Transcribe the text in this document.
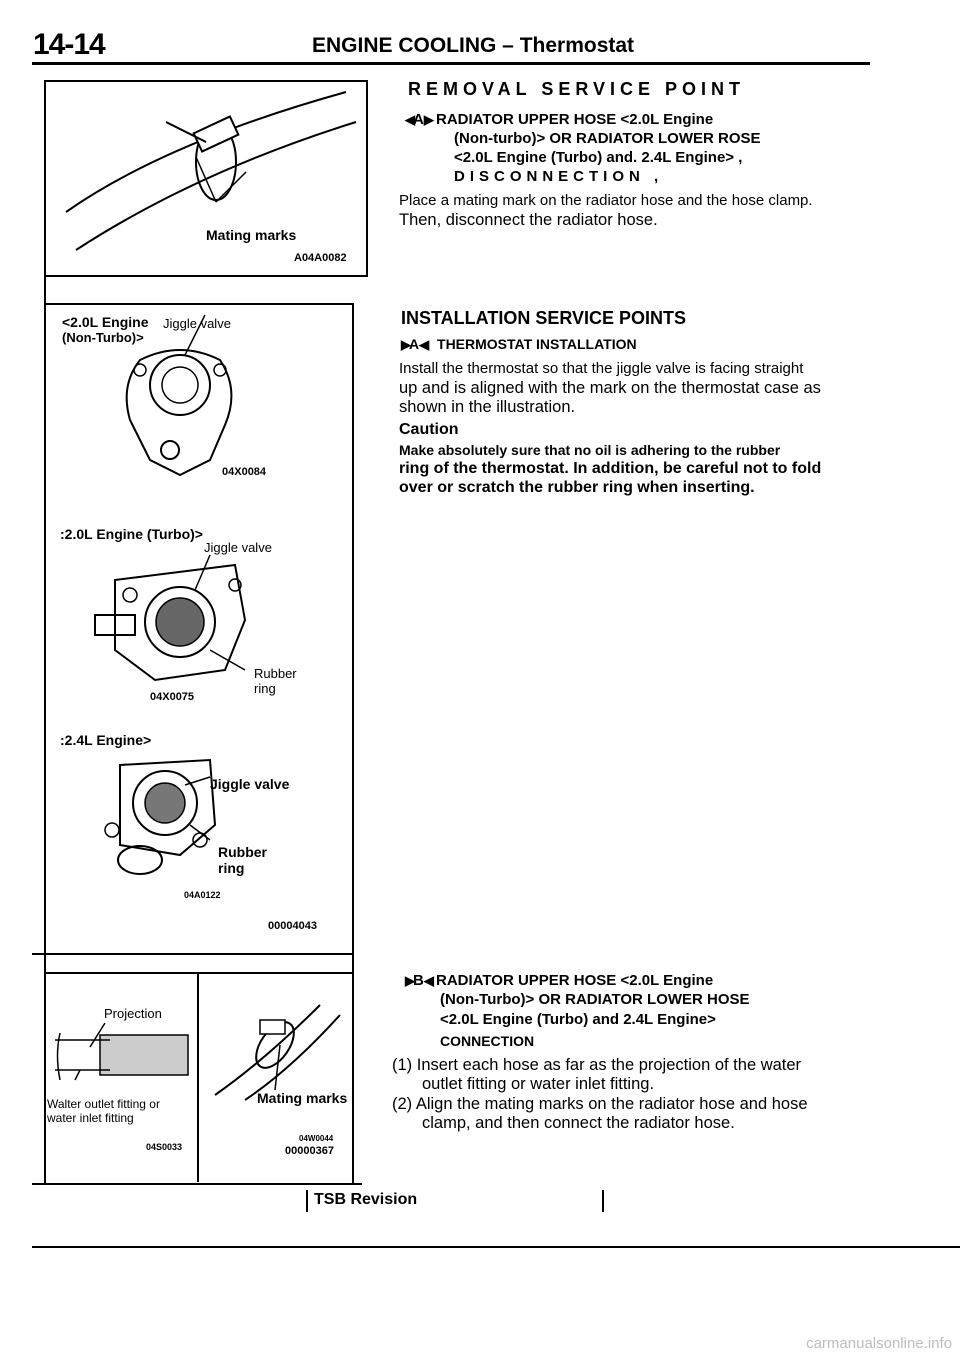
14-14	ENGINE COOLING – Thermostat
Mating marks
A04A0082
<2.0L Engine
(Non-Turbo)>
Jiggle valve
04X0084
:2.0L Engine (Turbo)>
Jiggle valve
Rubber
ring
04X0075
:2.4L Engine>
Jiggle valve
Rubber
ring
04A0122
00004043
Projection
Walter outlet fitting or
water inlet fitting
04S0033
Mating marks
04W0044
00000367
REMOVAL SERVICE POINT
◀A▶ RADIATOR UPPER HOSE <2.0L Engine
(Non-turbo)> OR RADIATOR LOWER ROSE
<2.0L Engine (Turbo) and. 2.4L Engine> ,
DISCONNECTION ,
Place a mating mark on the radiator hose and the hose clamp.
Then, disconnect the radiator hose.
INSTALLATION SERVICE POINTS
▶A◀ THERMOSTAT INSTALLATION
Install the thermostat so that the jiggle valve is facing straight
up and is aligned with the mark on the thermostat case as
shown in the illustration.
Caution
Make absolutely sure that no oil is adhering to the rubber
ring of the thermostat. In addition, be careful not to fold
over or scratch the rubber ring when inserting.
▶B◀ RADIATOR UPPER HOSE <2.0L Engine
(Non-Turbo)> OR RADIATOR LOWER HOSE
<2.0L Engine (Turbo) and 2.4L Engine>
CONNECTION
(1) Insert each hose as far as the projection of the water
outlet fitting or water inlet fitting.
(2) Align the mating marks on the radiator hose and hose
clamp, and then connect the radiator hose.
TSB Revision
carmanualsonline.info
